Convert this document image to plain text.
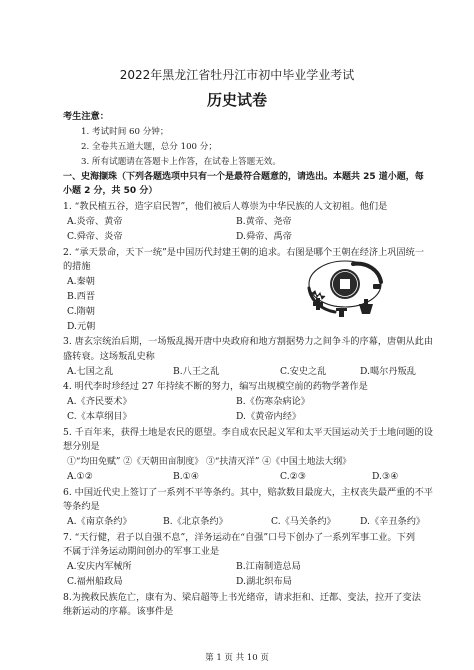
2022年黑龙江省牡丹江市初中毕业学业考试
历史试卷
考生注意：
1. 考试时间 60 分钟；
2. 全卷共五道大题，总分 100 分；
3. 所有试题请在答题卡上作答，在试卷上答题无效。
一、史海撷珠（下列各题选项中只有一个是最符合题意的，请选出。本题共 25 道小题，每
小题 2 分，共 50 分）
1. “教民植五谷，造字启民智”，他们被后人尊崇为中华民族的人文初祖。他们是
A.炎帝、黄帝	B.黄帝、尧帝
C.舜帝、炎帝	D.舜帝、禹帝
2. “承天景命，天下一统”是中国历代封建王朝的追求。右图是哪个王朝在经济上巩固统一
的措施
A.秦朝
B.西晋
C.隋朝
D.元朝
3. 唐玄宗统治后期，一场叛乱揭开唐中央政府和地方割据势力之间争斗的序幕，唐朝从此由
盛转衰。这场叛乱史称
A.七国之乱	B.八王之乱	C.安史之乱	D.噶尔丹叛乱
4. 明代李时珍经过 27 年持续不断的努力，编写出规模空前的药物学著作是
A.《齐民要术》	B.《伤寒杂病论》
C.《本草纲目》	D.《黄帝内经》
5. 千百年来，获得土地是农民的愿望。李自成农民起义军和太平天国运动关于土地问题的设
想分别是
①“均田免赋” ②《天朝田亩制度》 ③“扶清灭洋” ④《中国土地法大纲》
A.①②	B.①④	C.②③	D.③④
6. 中国近代史上签订了一系列不平等条约。其中，赔款数目最庞大，主权丧失最严重的不平
等条约是
A.《南京条约》	B.《北京条约》	C.《马关条约》	D.《辛丑条约》
7. “天行健，君子以自强不息”，洋务运动在“自强”口号下创办了一系列军事工业。下列
不属于洋务运动期间创办的军事工业是
A.安庆内军械所	B.江南制造总局
C.福州船政局	D.湖北织布局
8.为挽救民族危亡，康有为、梁启超等上书光绪帝，请求拒和、迁都、变法，拉开了变法
维新运动的序幕。该事件是
第 1 页 共 10 页
